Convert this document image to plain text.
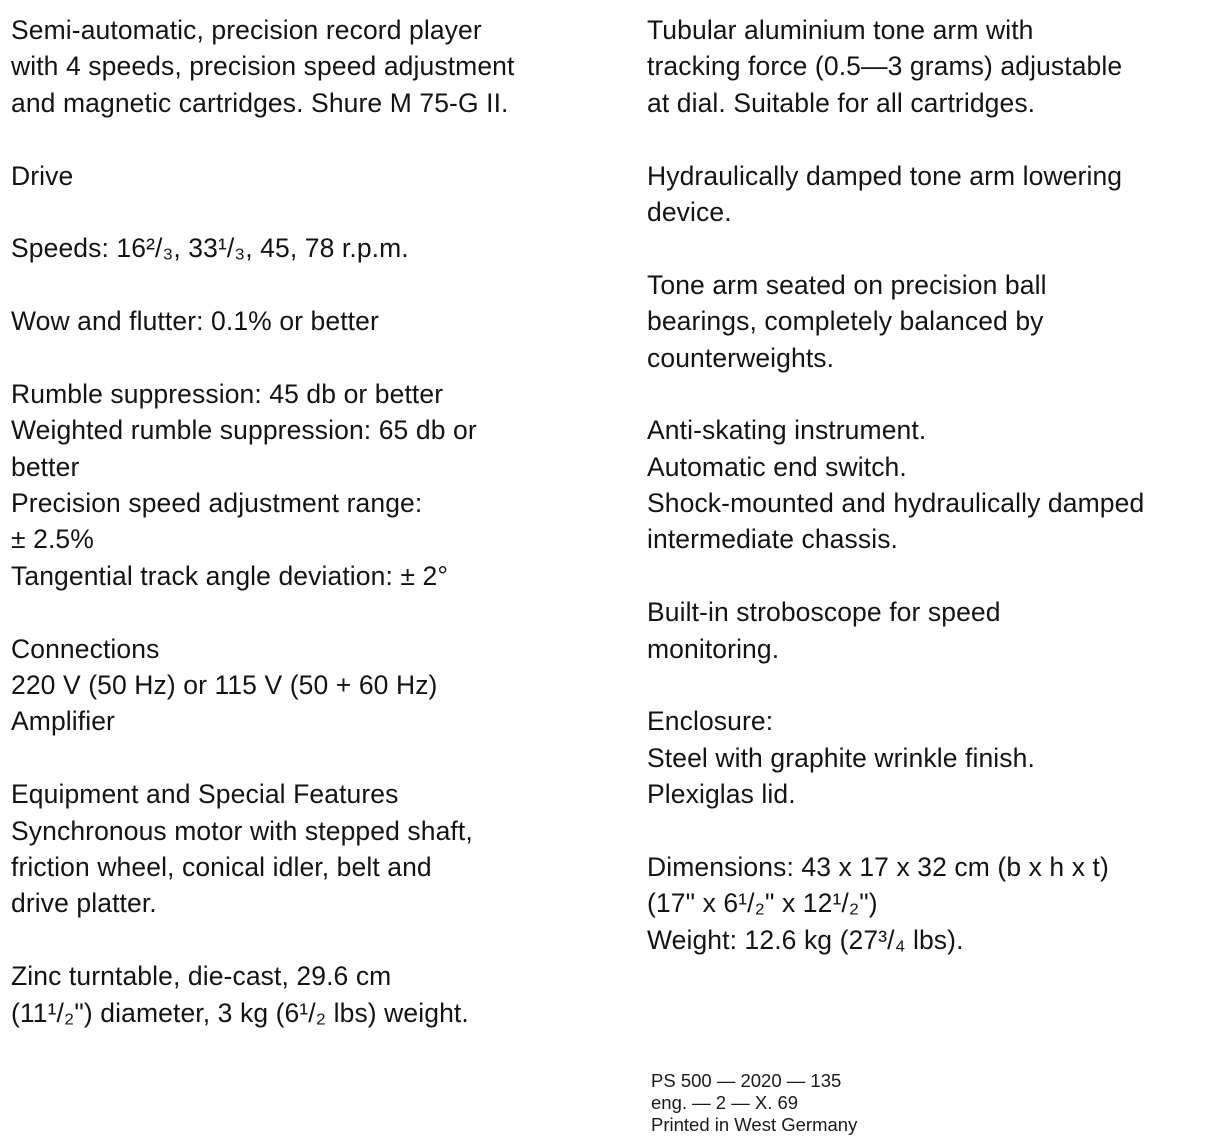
Semi-automatic, precision record player
with 4 speeds, precision speed adjustment
and magnetic cartridges. Shure M 75-G II.
Drive
Speeds: 16²/₃, 33¹/₃, 45, 78 r.p.m.
Wow and flutter: 0.1% or better
Rumble suppression: 45 db or better
Weighted rumble suppression: 65 db or
better
Precision speed adjustment range:
± 2.5%
Tangential track angle deviation: ± 2°
Connections
220 V (50 Hz) or 115 V (50 + 60 Hz)
Amplifier
Equipment and Special Features
Synchronous motor with stepped shaft,
friction wheel, conical idler, belt and
drive platter.
Zinc turntable, die-cast, 29.6 cm
(11¹/₂") diameter, 3 kg (6¹/₂ lbs) weight.
Tubular aluminium tone arm with
tracking force (0.5—3 grams) adjustable
at dial. Suitable for all cartridges.
Hydraulically damped tone arm lowering
device.
Tone arm seated on precision ball
bearings, completely balanced by
counterweights.
Anti-skating instrument.
Automatic end switch.
Shock-mounted and hydraulically damped
intermediate chassis.
Built-in stroboscope for speed
monitoring.
Enclosure:
Steel with graphite wrinkle finish.
Plexiglas lid.
Dimensions: 43 x 17 x 32 cm (b x h x t)
(17" x 6¹/₂" x 12¹/₂")
Weight: 12.6 kg (27³/₄ lbs).
PS 500 — 2020 — 135
eng. — 2 — X. 69
Printed in West Germany
